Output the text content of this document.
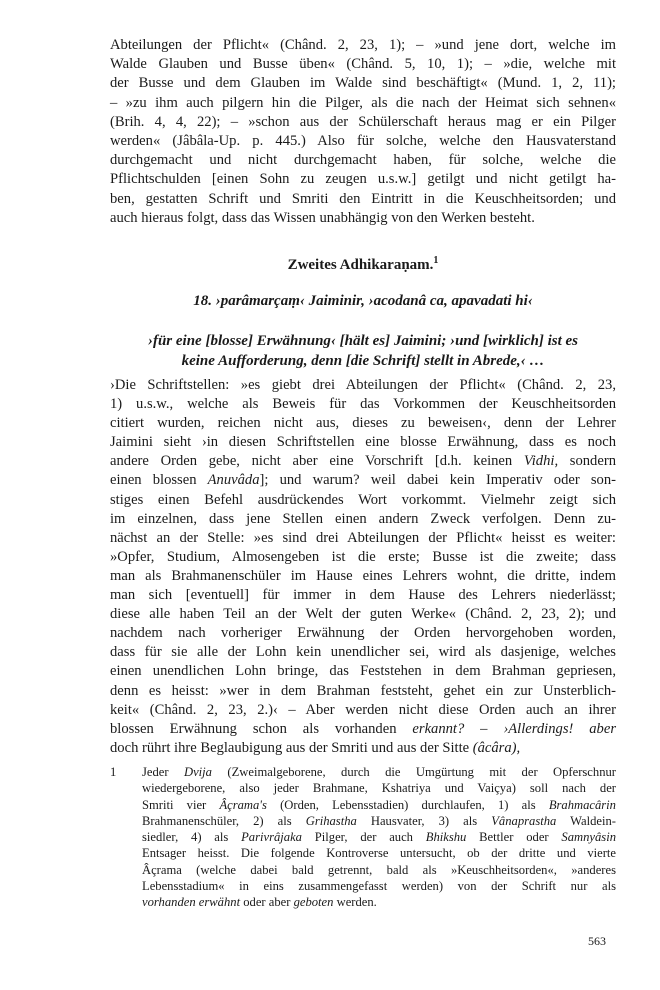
Abteilungen der Pflicht« (Chând. 2, 23, 1); – »und jene dort, welche im
Walde Glauben und Busse üben« (Chând. 5, 10, 1); – »die, welche mit
der Busse und dem Glauben im Walde sind beschäftigt« (Mund. 1, 2, 11);
– »zu ihm auch pilgern hin die Pilger, als die nach der Heimat sich sehnen«
(Brih. 4, 4, 22); – »schon aus der Schülerschaft heraus mag er ein Pilger
werden« (Jâbâla-Up. p. 445.) Also für solche, welche den Hausvaterstand
durchgemacht und nicht durchgemacht haben, für solche, welche die
Pflichtschulden [einen Sohn zu zeugen u.s.w.] getilgt und nicht getilgt ha-
ben, gestatten Schrift und Smriti den Eintritt in die Keuschheitsorden; und
auch hieraus folgt, dass das Wissen unabhängig von den Werken besteht.
Zweites Adhikaraṇam.$^1$
18. ›parâmarçaṃ‹ Jaiminir, ›acodanâ ca, apavadati hi‹
›für eine [blosse] Erwähnung‹ [hält es] Jaimini; ›und [wirklich] ist es
keine Aufforderung, denn [die Schrift] stellt in Abrede,‹ …
›Die Schriftstellen: »es giebt drei Abteilungen der Pflicht« (Chând. 2, 23,
1) u.s.w., welche als Beweis für das Vorkommen der Keuschheitsorden
citiert wurden, reichen nicht aus, dieses zu beweisen‹, denn der Lehrer
Jaimini sieht ›in diesen Schriftstellen eine blosse Erwähnung, dass es noch
andere Orden gebe, nicht aber eine Vorschrift [d.h. keinen Vidhi, sondern
einen blossen Anuvâda]; und warum? weil dabei kein Imperativ oder son-
stiges einen Befehl ausdrückendes Wort vorkommt. Vielmehr zeigt sich
im einzelnen, dass jene Stellen einen andern Zweck verfolgen. Denn zu-
nächst an der Stelle: »es sind drei Abteilungen der Pflicht« heisst es weiter:
»Opfer, Studium, Almosengeben ist die erste; Busse ist die zweite; dass
man als Brahmanenschüler im Hause eines Lehrers wohnt, die dritte, indem
man sich [eventuell] für immer in dem Hause des Lehrers niederlässt;
diese alle haben Teil an der Welt der guten Werke« (Chând. 2, 23, 2); und
nachdem nach vorheriger Erwähnung der Orden hervorgehoben worden,
dass für sie alle der Lohn kein unendlicher sei, wird als dasjenige, welches
einen unendlichen Lohn bringe, das Feststehen in dem Brahman gepriesen,
denn es heisst: »wer in dem Brahman feststeht, gehet ein zur Unsterblich-
keit« (Chând. 2, 23, 2.)‹ – Aber werden nicht diese Orden auch an ihrer
blossen Erwähnung schon als vorhanden erkannt? – ›Allerdings! aber
doch rührt ihre Beglaubigung aus der Smriti und aus der Sitte (âcâra),
1 Jeder Dvija (Zweimalgeborene, durch die Umgürtung mit der Opferschnur
wiedergeborene, also jeder Brahmane, Kshatriya und Vaiçya) soll nach der
Smriti vier Âçrama's (Orden, Lebensstadien) durchlaufen, 1) als Brahmacârin
Brahmanenschüler, 2) als Grihastha Hausvater, 3) als Vânaprastha Waldein-
siedler, 4) als Parivrâjaka Pilger, der auch Bhikshu Bettler oder Samnyâsin
Entsager heisst. Die folgende Kontroverse untersucht, ob der dritte und vierte
Âçrama (welche dabei bald getrennt, bald als »Keuschheitsorden«, »anderes
Lebensstadium« in eins zusammengefasst werden) von der Schrift nur als
vorhanden erwähnt oder aber geboten werden.
563
